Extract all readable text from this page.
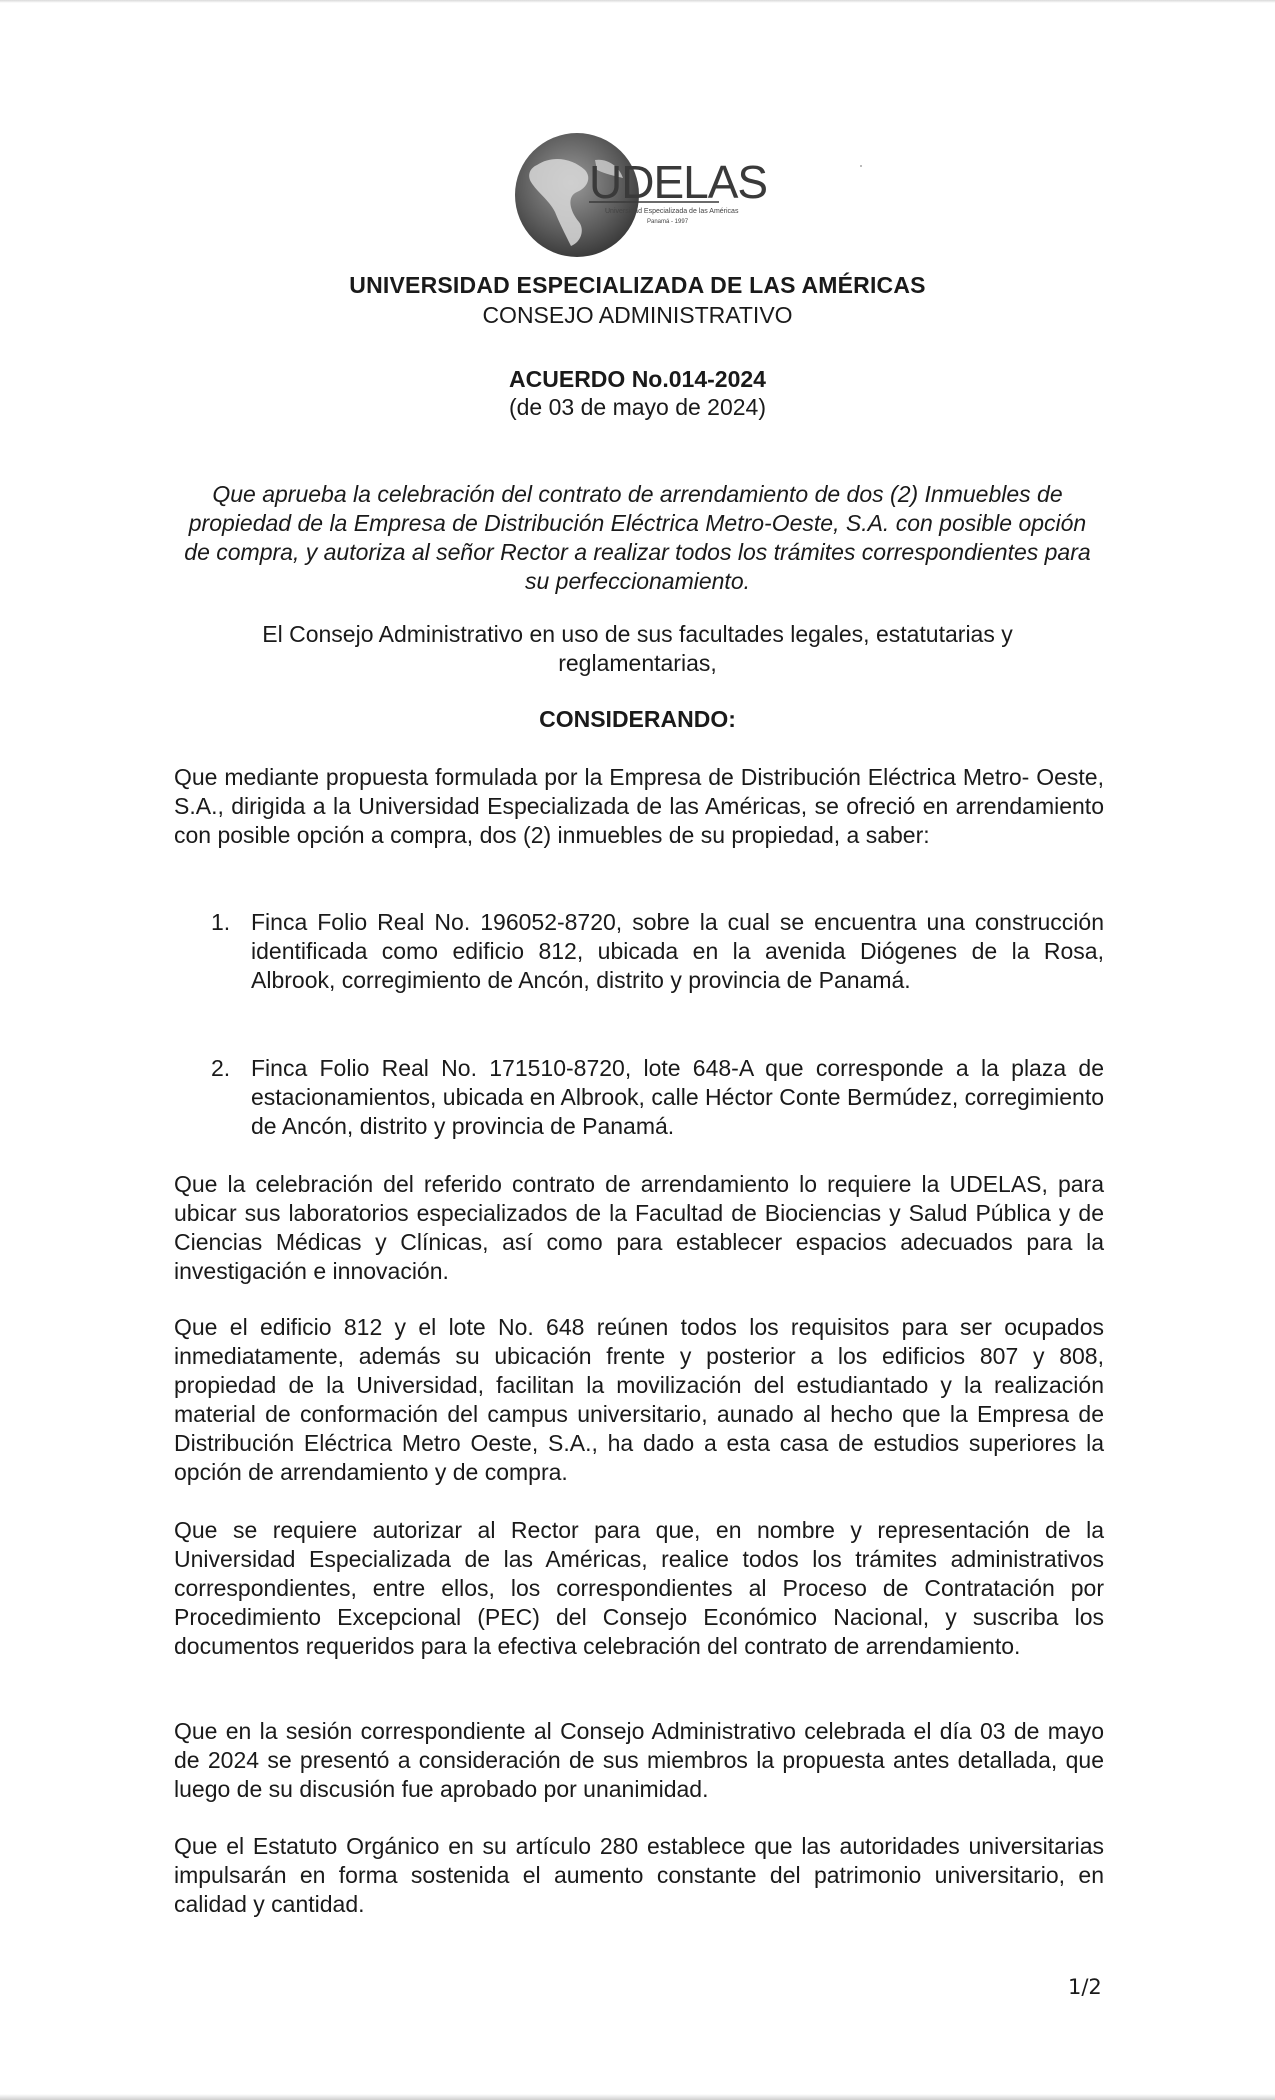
UDELAS
Universidad Especializada de las Américas
Panamá - 1997
UNIVERSIDAD ESPECIALIZADA DE LAS AMÉRICAS
CONSEJO ADMINISTRATIVO
ACUERDO No.014-2024
(de 03 de mayo de 2024)
Que aprueba la celebración del contrato de arrendamiento de dos (2) Inmuebles de propiedad de la Empresa de Distribución Eléctrica Metro-Oeste, S.A. con posible opción de compra, y autoriza al señor Rector a realizar todos los trámites correspondientes para su perfeccionamiento.
El Consejo Administrativo en uso de sus facultades legales, estatutarias y reglamentarias,
CONSIDERANDO:
Que mediante propuesta formulada por la Empresa de Distribución Eléctrica Metro- Oeste, S.A., dirigida a la Universidad Especializada de las Américas, se ofreció en arrendamiento con posible opción a compra, dos (2) inmuebles de su propiedad, a saber:
1. Finca Folio Real No. 196052-8720, sobre la cual se encuentra una construcción identificada como edificio 812, ubicada en la avenida Diógenes de la Rosa, Albrook, corregimiento de Ancón, distrito y provincia de Panamá.
2. Finca Folio Real No. 171510-8720, lote 648-A que corresponde a la plaza de estacionamientos, ubicada en Albrook, calle Héctor Conte Bermúdez, corregimiento de Ancón, distrito y provincia de Panamá.
Que la celebración del referido contrato de arrendamiento lo requiere la UDELAS, para ubicar sus laboratorios especializados de la Facultad de Biociencias y Salud Pública y de Ciencias Médicas y Clínicas, así como para establecer espacios adecuados para la investigación e innovación.
Que el edificio 812 y el lote No. 648 reúnen todos los requisitos para ser ocupados inmediatamente, además su ubicación frente y posterior a los edificios 807 y 808, propiedad de la Universidad, facilitan la movilización del estudiantado y la realización material de conformación del campus universitario, aunado al hecho que la Empresa de Distribución Eléctrica Metro Oeste, S.A., ha dado a esta casa de estudios superiores la opción de arrendamiento y de compra.
Que se requiere autorizar al Rector para que, en nombre y representación de la Universidad Especializada de las Américas, realice todos los trámites administrativos correspondientes, entre ellos, los correspondientes al Proceso de Contratación por Procedimiento Excepcional (PEC) del Consejo Económico Nacional, y suscriba los documentos requeridos para la efectiva celebración del contrato de arrendamiento.
Que en la sesión correspondiente al Consejo Administrativo celebrada el día 03 de mayo de 2024 se presentó a consideración de sus miembros la propuesta antes detallada, que luego de su discusión fue aprobado por unanimidad.
Que el Estatuto Orgánico en su artículo 280 establece que las autoridades universitarias impulsarán en forma sostenida el aumento constante del patrimonio universitario, en calidad y cantidad.
1/2
